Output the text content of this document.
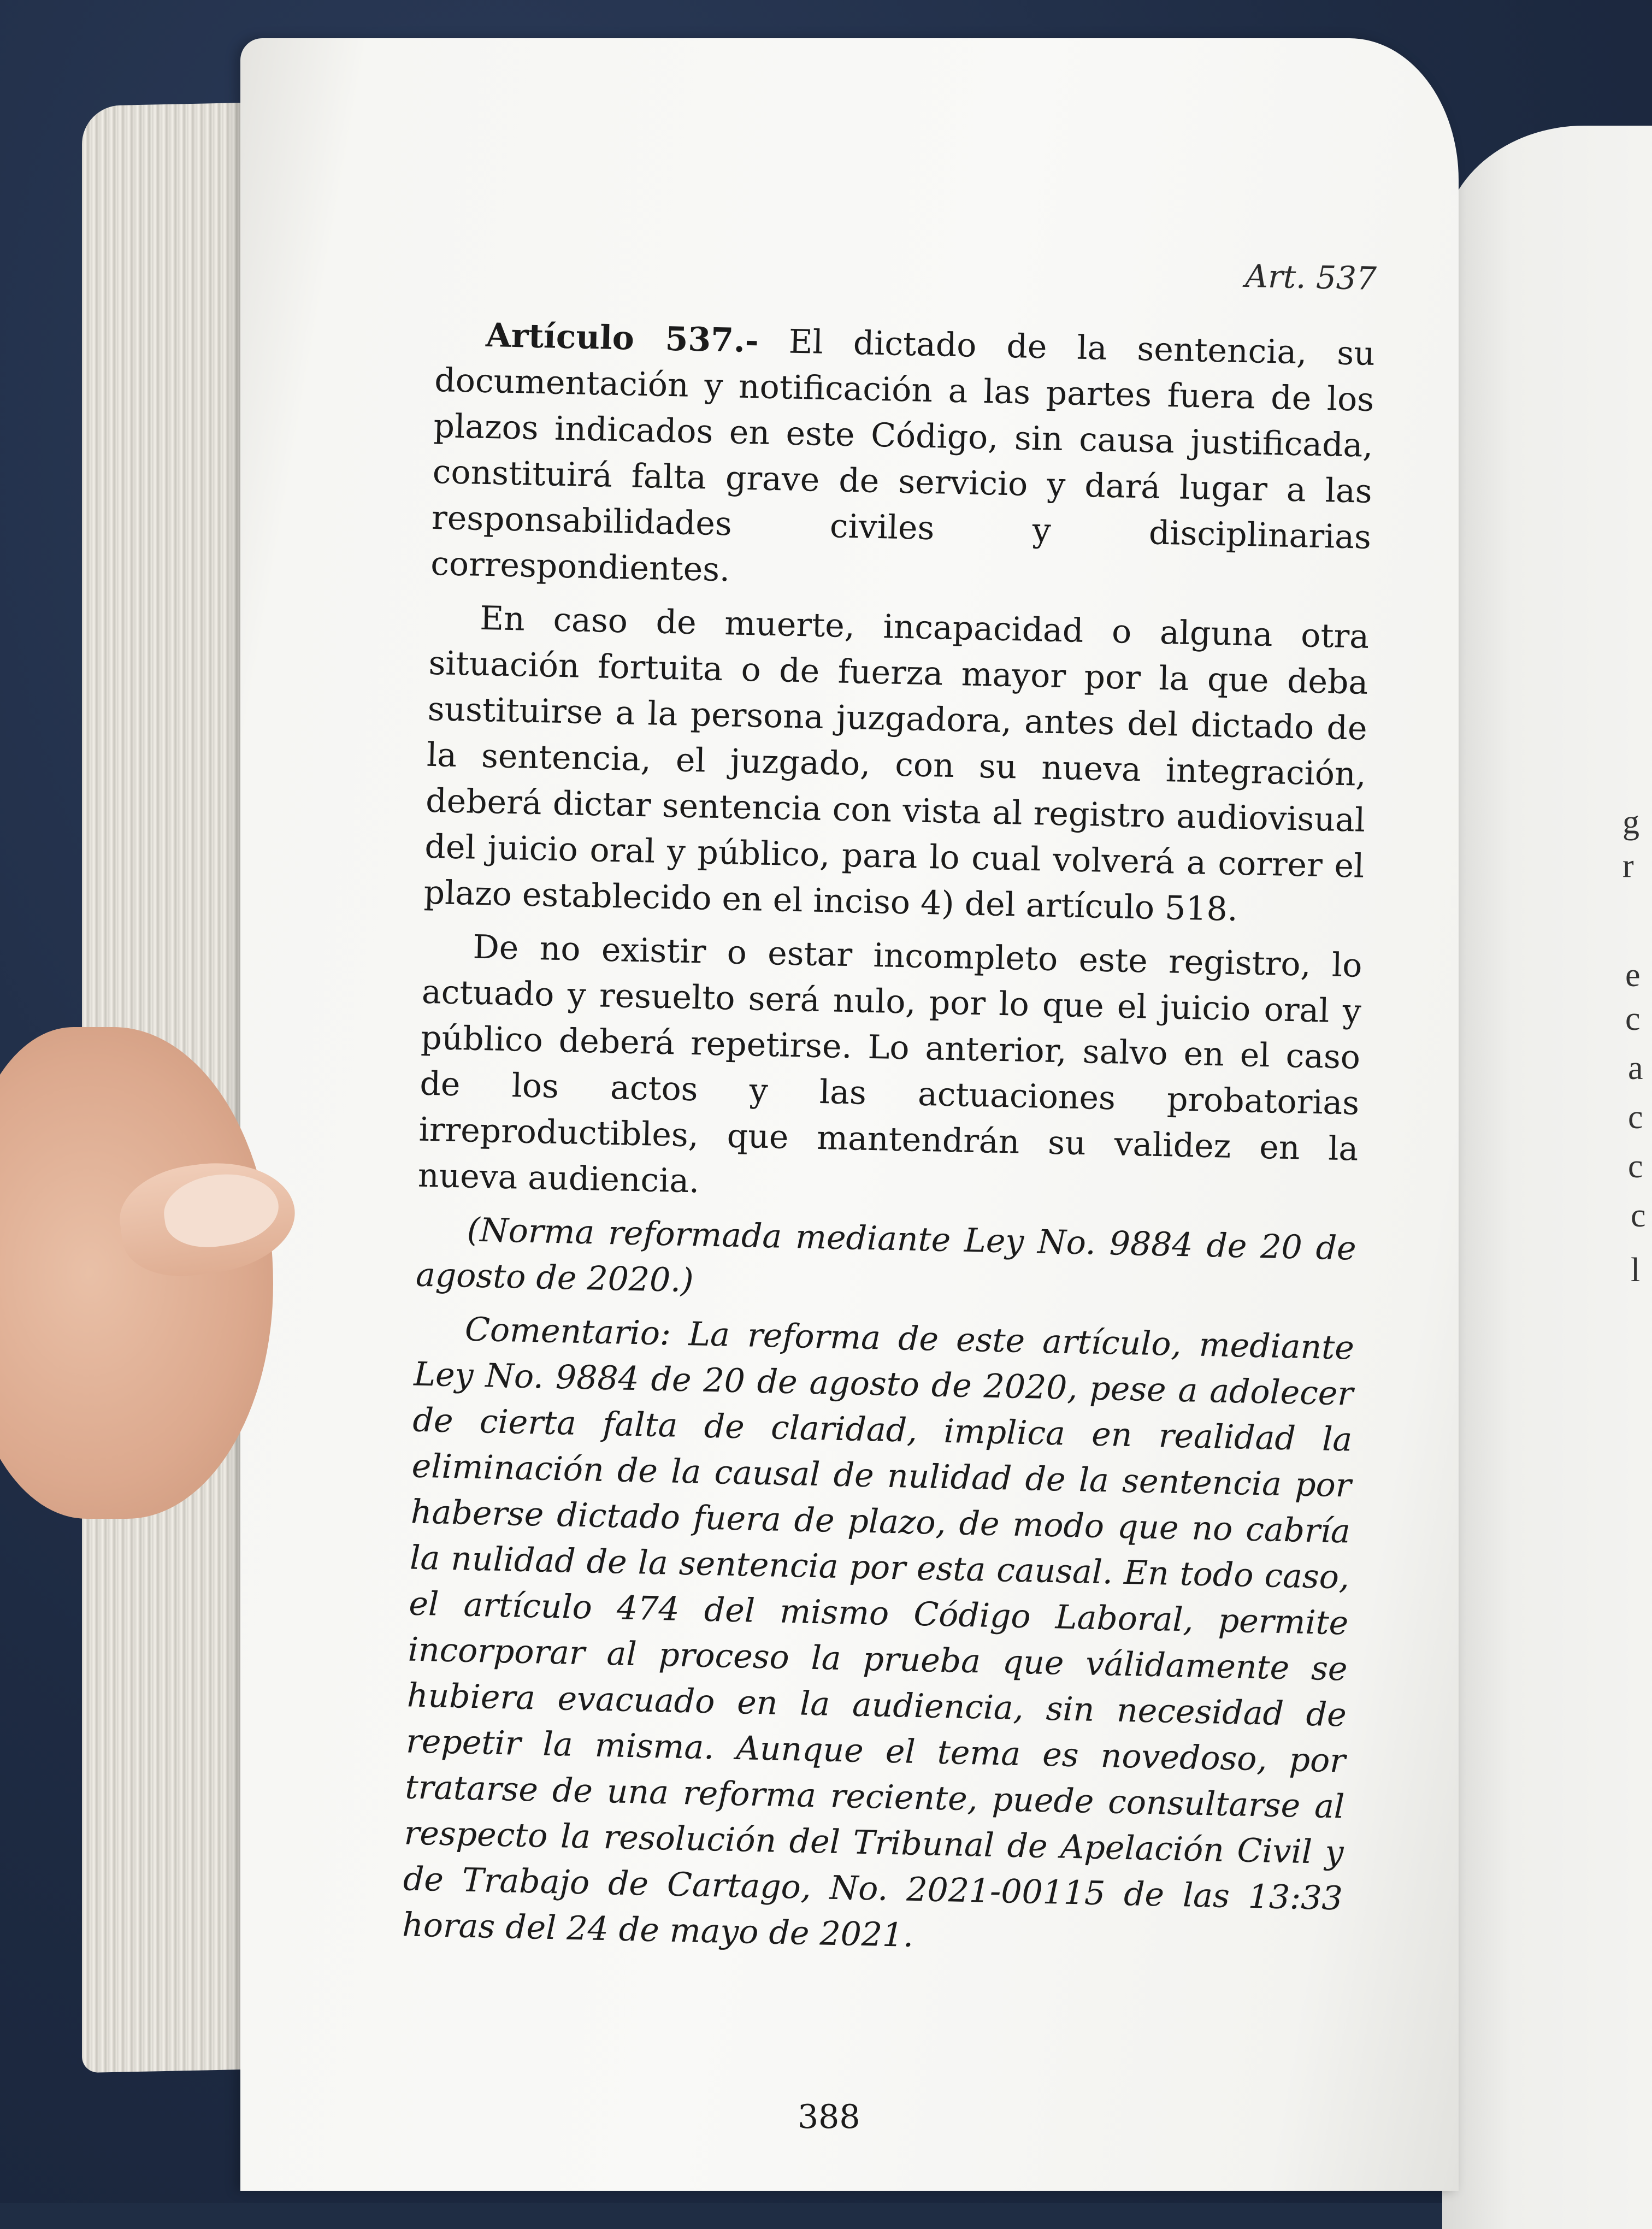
g
r
e
c
a
c
c
c
l
Art. 537

Artículo 537.- El dictado de la sentencia, su documentación y notificación a las partes fuera de los plazos indicados en este Código, sin causa justificada, constituirá falta grave de servicio y dará lugar a las responsabilidades civiles y disciplinarias correspondientes.

En caso de muerte, incapacidad o alguna otra situación fortuita o de fuerza mayor por la que deba sustituirse a la persona juzgadora, antes del dictado de la sentencia, el juzgado, con su nueva integración, deberá dictar sentencia con vista al registro audiovisual del juicio oral y público, para lo cual volverá a correr el plazo establecido en el inciso 4) del artículo 518.

De no existir o estar incompleto este registro, lo actuado y resuelto será nulo, por lo que el juicio oral y público deberá repetirse. Lo anterior, salvo en el caso de los actos y las actuaciones probatorias irreproductibles, que mantendrán su validez en la nueva audiencia.

(Norma reformada mediante Ley No. 9884 de 20 de agosto de 2020.)

Comentario: La reforma de este artículo, mediante Ley No. 9884 de 20 de agosto de 2020, pese a adolecer de cierta falta de claridad, implica en realidad la eliminación de la causal de nulidad de la sentencia por haberse dictado fuera de plazo, de modo que no cabría la nulidad de la sentencia por esta causal. En todo caso, el artículo 474 del mismo Código Laboral, permite incorporar al proceso la prueba que válidamente se hubiera evacuado en la audiencia, sin necesidad de repetir la misma. Aunque el tema es novedoso, por tratarse de una reforma reciente, puede consultarse al respecto la resolución del Tribunal de Apelación Civil y de Trabajo de Cartago, No. 2021-00115 de las 13:33 horas del 24 de mayo de 2021.

388
